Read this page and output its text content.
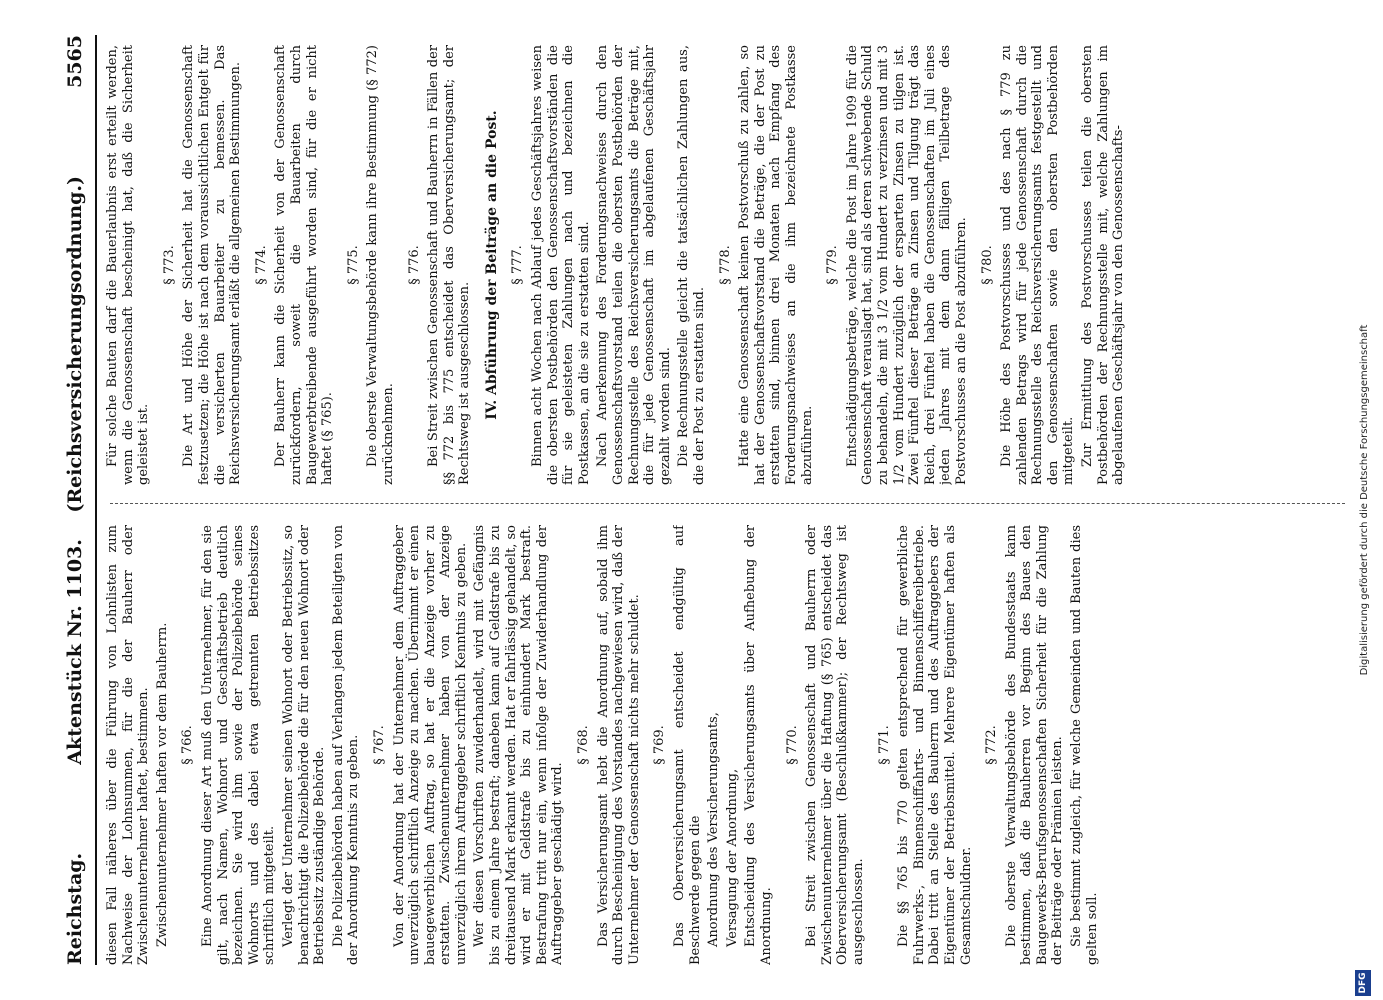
Reichstag.
Aktenstück Nr. 1103.    (Reichsversicherungsordnung.)
5565

diesen Fall näheres über die Führung von Lohnlisten zum Nachweise der Lohnsummen, für die der Bauherr oder Zwischenunternehmer haftet, bestimmen. Zwischenunternehmer haften vor dem Bauherrn. § 766. Eine Anordnung dieser Art muß den Unternehmer, für den sie gilt, nach Namen, Wohnort und Geschäftsbetrieb deutlich bezeichnen. Sie wird ihm sowie der Polizeibehörde seines Wohnorts und des dabei etwa getrennten Betriebssitzes schriftlich mitgeteilt. Verlegt der Unternehmer seinen Wohnort oder Betriebssitz, so benachrichtigt die Polizeibehörde die für den neuen Wohnort oder Betriebssitz zuständige Behörde. Die Polizeibehörden haben auf Verlangen jedem Beteiligten von der Anordnung Kenntnis zu geben. § 767. Von der Anordnung hat der Unternehmer dem Auftraggeber unverzüglich schriftlich Anzeige zu machen. Übernimmt er einen bauegewerblichen Auftrag, so hat er die Anzeige vorher zu erstatten. Zwischenunternehmer haben von der Anzeige unverzüglich ihrem Auftraggeber schriftlich Kenntnis zu geben. Wer diesen Vorschriften zuwiderhandelt, wird mit Gefängnis bis zu einem Jahre bestraft; daneben kann auf Geldstrafe bis zu dreitausend Mark erkannt werden. Hat er fahrlässig gehandelt, so wird er mit Geldstrafe bis zu einhundert Mark bestraft. Bestrafung tritt nur ein, wenn infolge der Zuwiderhandlung der Auftraggeber geschädigt wird.

§ 768. Das Versicherungsamt hebt die Anordnung auf, sobald ihm durch Bescheinigung des Vorstandes nachgewiesen wird, daß der Unternehmer der Genossenschaft nichts mehr schuldet. § 769. Das Oberversicherungsamt entscheidet endgültig auf Beschwerde gegen die Anordnung des Versicherungsamts, Versagung der Anordnung, Entscheidung des Versicherungsamts über Aufhebung der Anordnung.

§ 770. Bei Streit zwischen Genossenschaft und Bauherrn oder Zwischenunternehmer über die Haftung (§ 765) entscheidet das Oberversicherungsamt (Beschlußkammer); der Rechtsweg ist ausgeschlossen.

§ 771. Die §§ 765 bis 770 gelten entsprechend für gewerbliche Fuhrwerks-, Binnenschiffahrts- und Binnenschiffereibetriebe. Dabei tritt an Stelle des Bauherrn und des Auftraggebers der Eigentümer der Betriebsmittel. Mehrere Eigentümer haften als Gesamtschuldner.

§ 772. Die oberste Verwaltungsbehörde des Bundesstaats kann bestimmen, daß die Bauherren vor Beginn des Baues den Baugewerks-Berufsgenossenschaften Sicherheit für die Zahlung der Beiträge oder Prämien leisten. Sie bestimmt zugleich, für welche Gemeinden und Bauten dies gelten soll.

Für solche Bauten darf die Bauerlaubnis erst erteilt werden, wenn die Genossenschaft bescheinigt hat, daß die Sicherheit geleistet ist.

§ 773. Die Art und Höhe der Sicherheit hat die Genossenschaft festzusetzen; die Höhe ist nach dem voraussichtlichen Entgelt für die versicherten Bauarbeiter zu bemessen. Das Reichsversicherungsamt erläßt die allgemeinen Bestimmungen. § 774. Der Bauherr kann die Sicherheit von der Genossenschaft zurückfordern, soweit die Bauarbeiten durch Baugewerbtreibende ausgeführt worden sind, für die er nicht haftet (§ 765).

§ 775. Die oberste Verwaltungsbehörde kann ihre Bestimmung (§ 772) zurücknehmen.

§ 776. Bei Streit zwischen Genossenschaft und Bauherrn in Fällen der §§ 772 bis 775 entscheidet das Oberversicherungsamt; der Rechtsweg ist ausgeschlossen. IV. Abführung der Beiträge an die Post. § 777. Binnen acht Wochen nach Ablauf jedes Geschäftsjahres weisen die obersten Postbehörden den Genossenschaftsvorständen die für sie geleisteten Zahlungen nach und bezeichnen die Postkassen, an die sie zu erstatten sind. Nach Anerkennung des Forderungsnachweises durch den Genossenschaftsvorstand teilen die obersten Postbehörden der Rechnungsstelle des Reichsversicherungsamts die Beträge mit, die für jede Genossenschaft im abgelaufenen Geschäftsjahr gezahlt worden sind. Die Rechnungsstelle gleicht die tatsächlichen Zahlungen aus, die der Post zu erstatten sind.

§ 778. Hatte eine Genossenschaft keinen Postvorschuß zu zahlen, so hat der Genossenschaftsvorstand die Beträge, die der Post zu erstatten sind, binnen drei Monaten nach Empfang des Forderungsnachweises an die ihm bezeichnete Postkasse abzuführen.

§ 779. Entschädigungsbeträge, welche die Post im Jahre 1909 für die Genossenschaft verauslagt hat, sind als deren schwebende Schuld zu behandeln, die mit 3 1/2 vom Hundert zu verzinsen und mit 3 1/2 vom Hundert zuzüglich der ersparten Zinsen zu tilgen ist. Zwei Fünftel dieser Beträge an Zinsen und Tilgung trägt das Reich, drei Fünftel haben die Genossenschaften im Juli eines jeden Jahres mit dem dann fälligen Teilbetrage des Postvorschusses an die Post abzuführen. § 780. Die Höhe des Postvorschusses und des nach § 779 zu zahlenden Betrags wird für jede Genossenschaft durch die Rechnungsstelle des Reichsversicherungsamts festgestellt und den Genossenschaften sowie den obersten Postbehörden mitgeteilt. Zur Ermittlung des Postvorschusses teilen die obersten Postbehörden der Rechnungsstelle mit, welche Zahlungen im abgelaufenen Geschäftsjahr von den Genossenschafts-

DFG
Digitalisierung gefördert durch die Deutsche Forschungsgemeinschaft
